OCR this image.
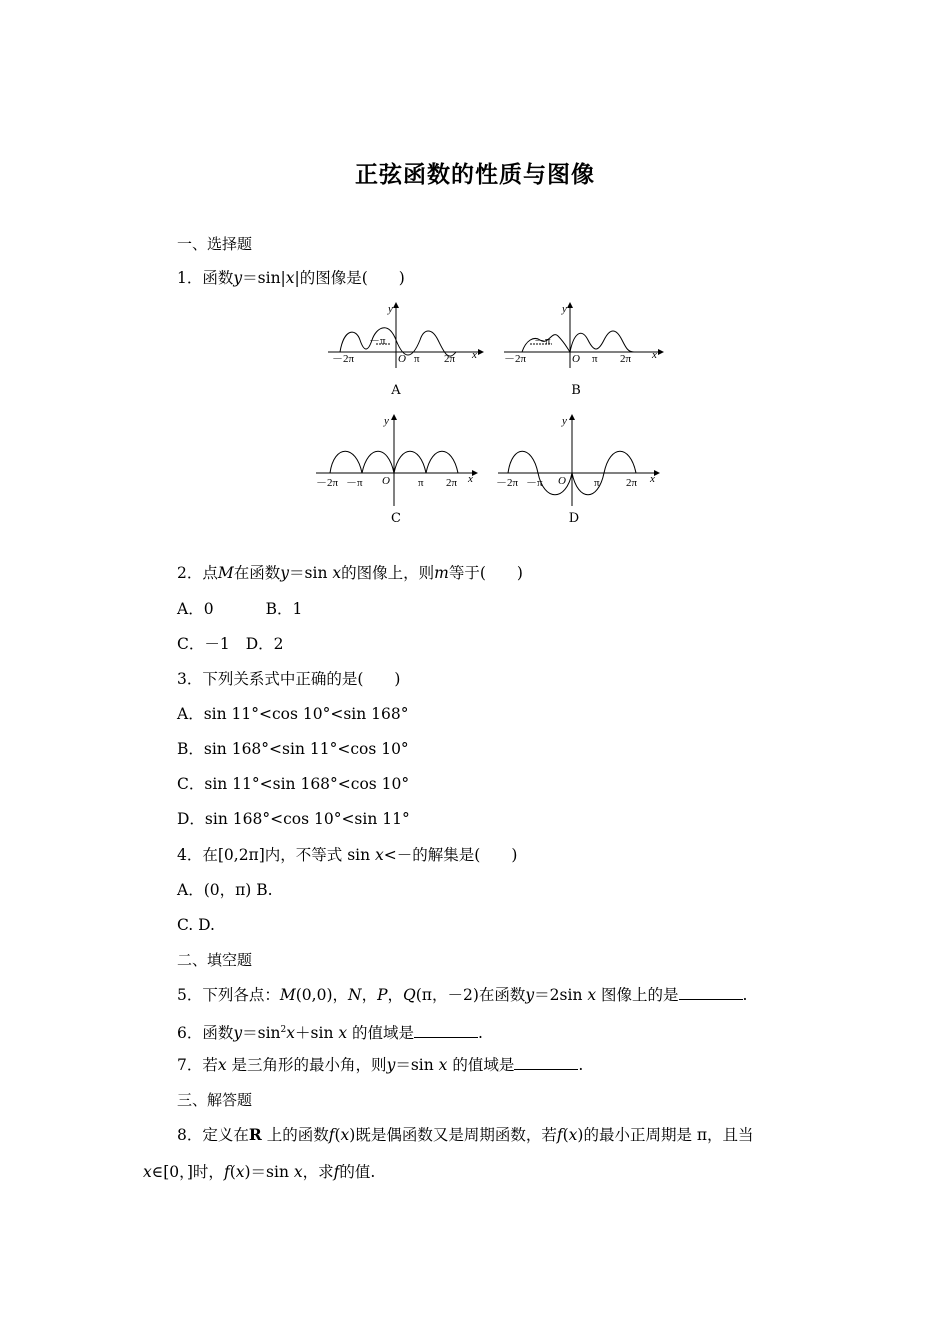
正弦函数的性质与图像
一、选择题
1．函数y＝sin|x|的图像是(　　)
－2π
－π
π 2π
O	x
y
A
－2π
－π
π 2π
O	x
y
B
－2π －π	π 2π
O	x
y
C
－2π －π	π 2π
O	x
y
D
2．点M在函数y＝sin x的图像上，则m等于(　　)
A．0	B．1
C．－1 D．2
3．下列关系式中正确的是(　　)
A．sin 11°<cos 10°<sin 168°
B．sin 168°<sin 11°<cos 10°
C．sin 11°<sin 168°<cos 10°
D．sin 168°<cos 10°<sin 11°
4．在[0,2π]内，不等式 sin x<－的解集是(　　)
A．(0，π) B.
C. D.
二、填空题
5．下列各点：M(0,0)，N，P，Q(π，－2)在函数y＝2sin x 图像上的是	.
6．函数$y=\sin^2x+\sin$ x 的值域是	.
7．若x 是三角形的最小角，则y＝sin x 的值域是	.
三、解答题
8．定义在R 上的函数f(x)既是偶函数又是周期函数，若f(x)的最小正周期是 π，且当
x∈[0，]时，f(x)＝sin x，求f的值.
